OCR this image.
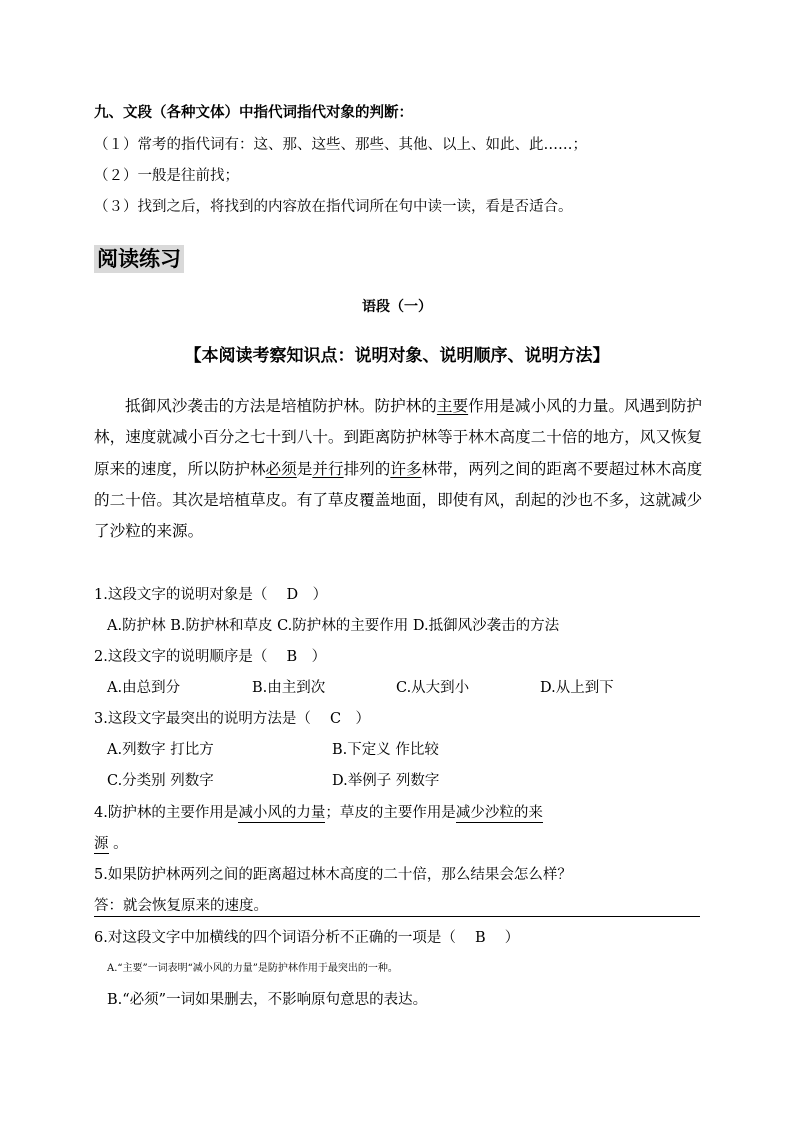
九、文段（各种文体）中指代词指代对象的判断：
（１）常考的指代词有：这、那、这些、那些、其他、以上、如此、此……；
（２）一般是往前找；
（３）找到之后，将找到的内容放在指代词所在句中读一读，看是否适合。
阅读练习
语段（一）
【本阅读考察知识点：说明对象、说明顺序、说明方法】
抵御风沙袭击的方法是培植防护林。防护林的主要作用是减小风的力量。风遇到防护林，速度就减小百分之七十到八十。到距离防护林等于林木高度二十倍的地方，风又恢复原来的速度，所以防护林必须是并行排列的许多林带，两列之间的距离不要超过林木高度的二十倍。其次是培植草皮。有了草皮覆盖地面，即使有风，刮起的沙也不多，这就减少了沙粒的来源。
1.这段文字的说明对象是（　 D　）
A.防护林 B.防护林和草皮 C.防护林的主要作用 D.抵御风沙袭击的方法
2.这段文字的说明顺序是（　 B　）
A.由总到分	B.由主到次	C.从大到小	D.从上到下
3.这段文字最突出的说明方法是（　 C　）
A.列数字 打比方	B.下定义 作比较
C.分类别 列数字	D.举例子 列数字
4.防护林的主要作用是减小风的力量；草皮的主要作用是减少沙粒的来
源 。
5.如果防护林两列之间的距离超过林木高度的二十倍，那么结果会怎么样？
答：就会恢复原来的速度。
6.对这段文字中加横线的四个词语分析不正确的一项是（　 B　 ）
A.“主要”一词表明“减小风的力量”是防护林作用于最突出的一种。
B.“必须”一词如果删去，不影响原句意思的表达。
